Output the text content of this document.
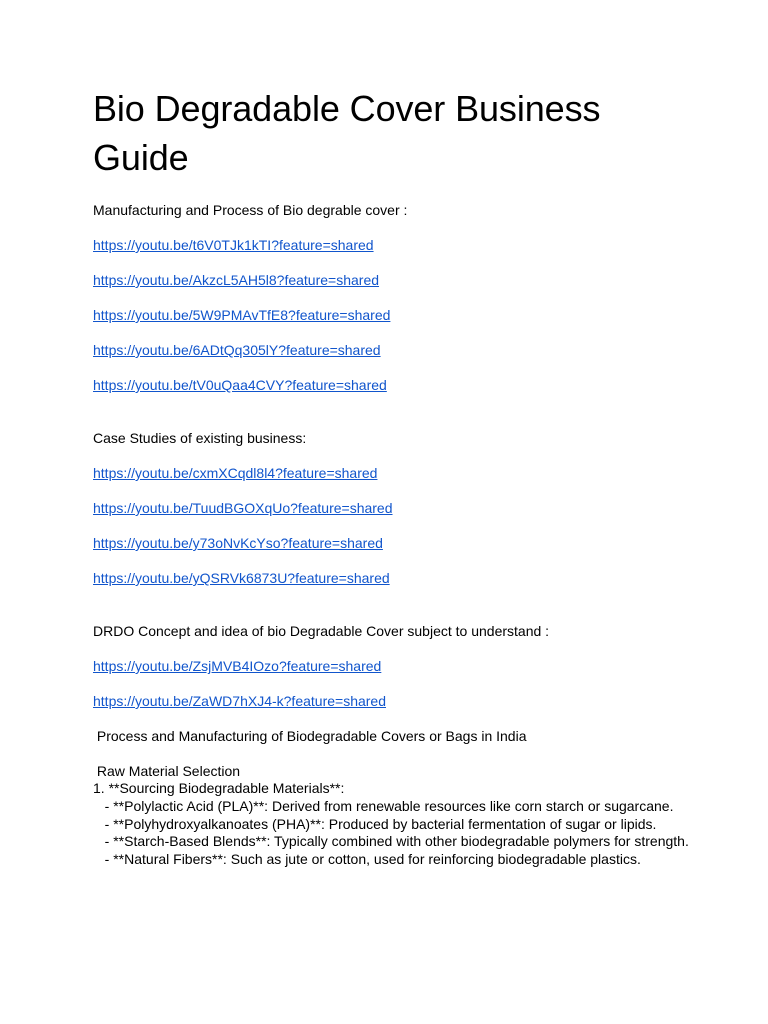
Bio Degradable Cover Business Guide

Manufacturing and Process of Bio degrable cover :

https://youtu.be/t6V0TJk1kTI?feature=shared
https://youtu.be/AkzcL5AH5l8?feature=shared
https://youtu.be/5W9PMAvTfE8?feature=shared
https://youtu.be/6ADtQq305lY?feature=shared
https://youtu.be/tV0uQaa4CVY?feature=shared

Case Studies of existing business:

https://youtu.be/cxmXCqdl8l4?feature=shared
https://youtu.be/TuudBGOXqUo?feature=shared
https://youtu.be/y73oNvKcYso?feature=shared
https://youtu.be/yQSRVk6873U?feature=shared

DRDO Concept and idea of bio Degradable Cover subject to understand :

https://youtu.be/ZsjMVB4IOzo?feature=shared
https://youtu.be/ZaWD7hXJ4-k?feature=shared

Process and Manufacturing of Biodegradable Covers or Bags in India

Raw Material Selection

1. **Sourcing Biodegradable Materials**:

- **Polylactic Acid (PLA)**: Derived from renewable resources like corn starch or sugarcane.

- **Polyhydroxyalkanoates (PHA)**: Produced by bacterial fermentation of sugar or lipids.

- **Starch-Based Blends**: Typically combined with other biodegradable polymers for strength.

- **Natural Fibers**: Such as jute or cotton, used for reinforcing biodegradable plastics.
